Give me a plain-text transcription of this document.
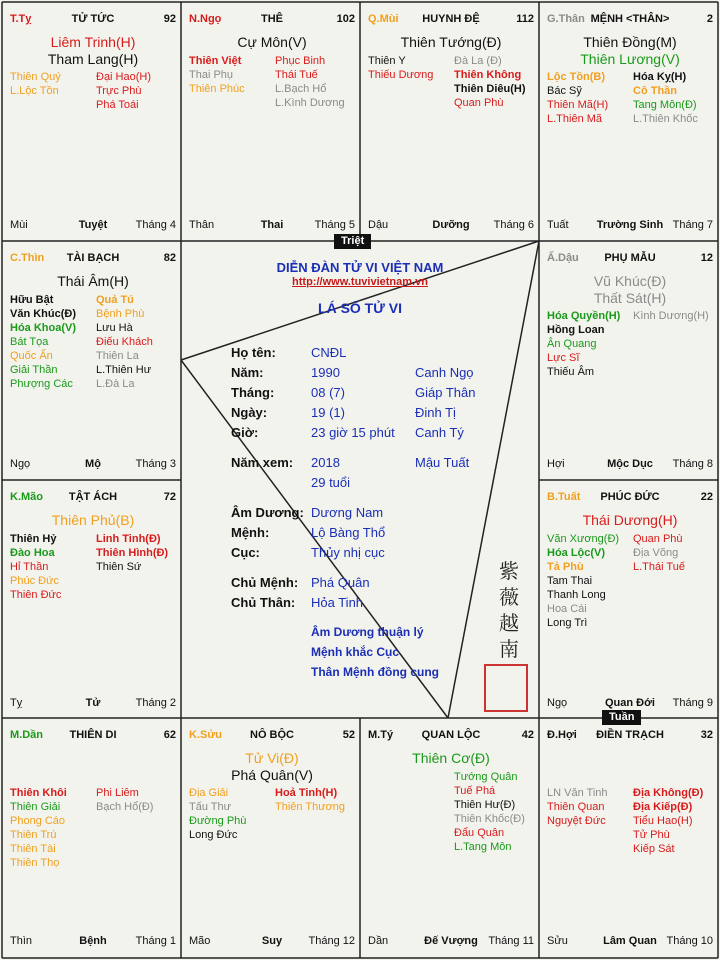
TỬ TỨC
T.Tỵ	92
Liêm Trinh(H)
Tham Lang(H)
Thiên Quý
L.Lộc Tồn
Đại Hao(H)
Trực Phù
Phá Toái
Tuyệt
Mùi	Tháng 4
THÊ
N.Ngọ	102
Cự Môn(V)
Thiên Việt
Thai Phụ
Thiên Phúc
Phục Binh
Thái Tuế
L.Bạch Hổ
L.Kình Dương
Thai
Thân	Tháng 5
HUYNH ĐỆ
Q.Mùi	112
Thiên Tướng(Đ)
Thiên Y
Thiếu Dương
Đà La (Đ)
Thiên Không
Thiên Diêu(H)
Quan Phù
Dưỡng
Dậu	Tháng 6
MỆNH <THÂN>
G.Thân	2
Thiên Đồng(M)
Thiên Lương(V)
Lộc Tồn(B)
Bác Sỹ
Thiên Mã(H)
L.Thiên Mã
Hóa Kỵ(H)
Cô Thần
Tang Môn(Đ)
L.Thiên Khốc
Trường Sinh
Tuất	Tháng 7
TÀI BẠCH
C.Thìn	82
Thái Âm(H)
Hữu Bật
Văn Khúc(Đ)
Hóa Khoa(V)
Bát Tọa
Quốc Ấn
Giải Thần
Phượng Các
Quả Tú
Bệnh Phù
Lưu Hà
Điếu Khách
Thiên La
L.Thiên Hư
L.Đà La
Mộ
Ngọ	Tháng 3
PHỤ MẪU
Ấ.Dậu	12
Vũ Khúc(Đ)
Thất Sát(H)
Hóa Quyền(H)
Hồng Loan
Ân Quang
Lực Sĩ
Thiếu Âm
Kình Dương(H)
Mộc Dục
Hợi	Tháng 8
TẬT ÁCH
K.Mão	72
Thiên Phủ(B)
Thiên Hỷ
Đào Hoa
Hỉ Thần
Phúc Đức
Thiên Đức
Linh Tinh(Đ)
Thiên Hình(Đ)
Thiên Sứ
Tử
Tỵ	Tháng 2
PHÚC ĐỨC
B.Tuất	22
Thái Dương(H)
Văn Xương(Đ)
Hóa Lộc(V)
Tả Phù
Tam Thai
Thanh Long
Hoa Cái
Long Trì
Quan Phù
Địa Võng
L.Thái Tuế
Quan Đới
Ngọ	Tháng 9
THIÊN DI
M.Dần	62
Thiên Khôi
Thiên Giải
Phong Cáo
Thiên Trù
Thiên Tài
Thiên Thọ
Phi Liêm
Bạch Hổ(Đ)
Bệnh
Thìn	Tháng 1
NÔ BỘC
K.Sửu	52
Tử Vi(Đ)
Phá Quân(V)
Địa Giải
Tấu Thư
Đường Phù
Long Đức
Hoả Tinh(H)
Thiên Thương
Suy
Mão	Tháng 12
QUAN LỘC
M.Tý	42
Thiên Cơ(Đ)
Tướng Quân
Tuế Phá
Thiên Hư(Đ)
Thiên Khốc(Đ)
Đẩu Quân
L.Tang Môn
Đế Vượng
Dần	Tháng 11
ĐIỀN TRẠCH
Đ.Hợi	32
LN Văn Tinh
Thiên Quan
Nguyệt Đức
Địa Không(Đ)
Địa Kiếp(Đ)
Tiểu Hao(H)
Tử Phù
Kiếp Sát
Lâm Quan
Sửu	Tháng 10
DIỄN ĐÀN TỬ VI VIỆT NAM
http://www.tuvivietnam.vn
LÁ SỐ TỬ VI
Họ tên:	CNĐL
Năm:	1990	Canh Ngọ
Tháng:	08 (7)	Giáp Thân
Ngày:	19 (1)	Đinh Tị
Giờ:	23 giờ 15 phút Canh Tý
Năm xem: 2018	Mậu Tuất
29 tuổi
Âm Dương: Dương Nam
Mệnh:	Lộ Bàng Thổ
Cục:	Thủy nhị cục
Chủ Mệnh: Phá Quân
Chủ Thân: Hỏa Tinh
Âm Dương thuận lý
Mệnh khắc Cục
Thân Mệnh đồng cung
紫
薇
越
南
Triệt
Tuần
